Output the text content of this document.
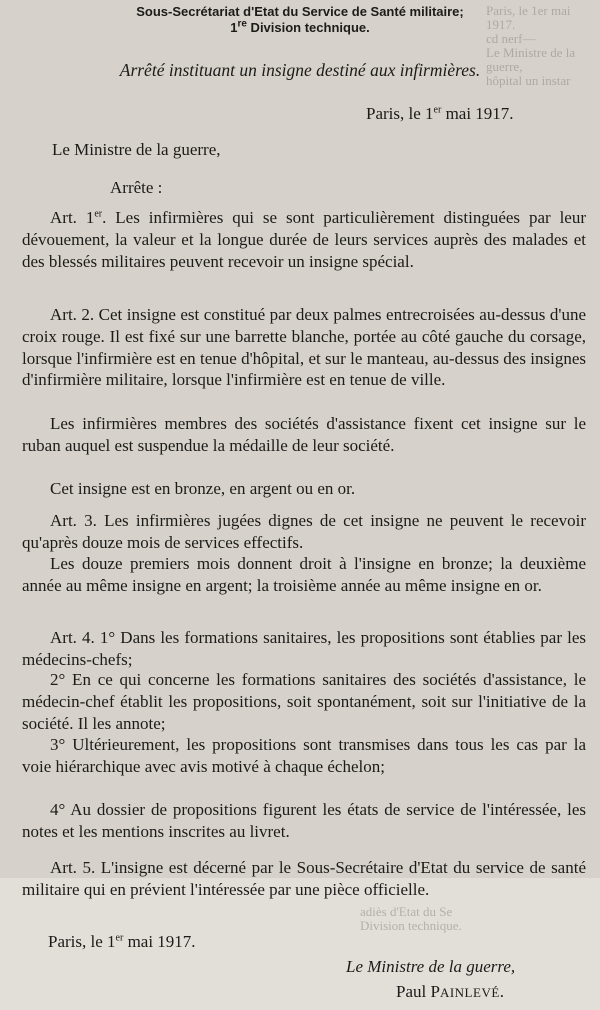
Paris, le 1er mai 1917.
cd nerf—
Le Ministre de la guerre,
hôpital un instar
adiès d'Etat du Se
Division technique.
Sous-Secrétariat d'Etat du Service de Santé militaire;
1re Division technique.
Arrêté instituant un insigne destiné aux infirmières.
Paris, le 1er mai 1917.
Le Ministre de la guerre,
Arrête :

Art. 1er. Les infirmières qui se sont particulièrement distinguées par leur dévouement, la valeur et la longue durée de leurs services auprès des malades et des blessés militaires peuvent recevoir un insigne spécial.

Art. 2. Cet insigne est constitué par deux palmes entrecroisées au-dessus d'une croix rouge. Il est fixé sur une barrette blanche, portée au côté gauche du corsage, lorsque l'infirmière est en tenue d'hôpital, et sur le manteau, au-dessus des insignes d'infirmière militaire, lorsque l'infirmière est en tenue de ville.

Les infirmières membres des sociétés d'assistance fixent cet insigne sur le ruban auquel est suspendue la médaille de leur société.

Cet insigne est en bronze, en argent ou en or.

Art. 3. Les infirmières jugées dignes de cet insigne ne peuvent le recevoir qu'après douze mois de services effectifs.

Les douze premiers mois donnent droit à l'insigne en bronze; la deuxième année au même insigne en argent; la troisième année au même insigne en or.

Art. 4. 1° Dans les formations sanitaires, les propositions sont établies par les médecins-chefs;

2° En ce qui concerne les formations sanitaires des sociétés d'assistance, le médecin-chef établit les propositions, soit spontanément, soit sur l'initiative de la société. Il les annote;

3° Ultérieurement, les propositions sont transmises dans tous les cas par la voie hiérarchique avec avis motivé à chaque échelon;

4° Au dossier de propositions figurent les états de service de l'intéressée, les notes et les mentions inscrites au livret.

Art. 5. L'insigne est décerné par le Sous-Secrétaire d'Etat du service de santé militaire qui en prévient l'intéressée par une pièce officielle.

Paris, le 1er mai 1917.
Le Ministre de la guerre,
Paul PAINLEVÉ.
